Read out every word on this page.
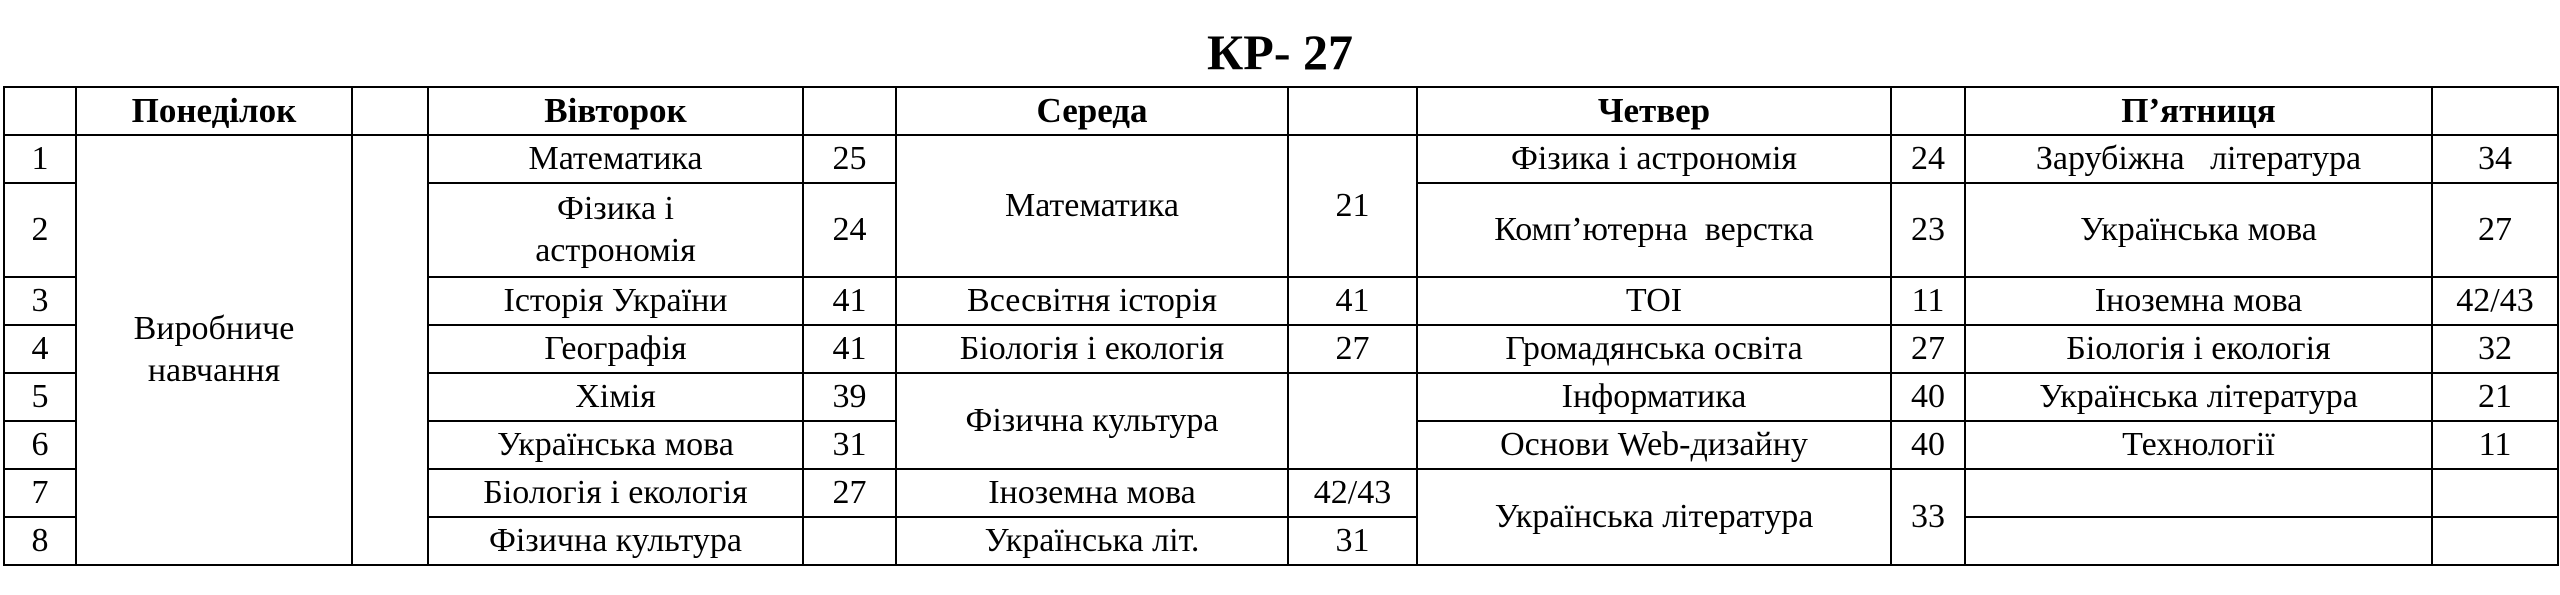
КР- 27
	Понеділок		Вівторок		Середа		Четвер		П’ятниця	
1	Виробниче навчання		Математика	25	Математика	21	Фізика і астрономія	24	Зарубіжна   література	34
2			Фізика і астрономія	24			Комп’ютерна  верстка	23	Українська мова	27
3			Історія України	41	Всесвітня історія	41	ТОІ	11	Іноземна мова	42/43
4			Географія	41	Біологія і екологія	27	Громадянська освіта	27	Біологія і екологія	32
5			Хімія	39	Фізична культура		Інформатика	40	Українська література	21
6			Українська мова	31			Основи Web-дизайну	40	Технології	11
7			Біологія і екологія	27	Іноземна мова	42/43	Українська література	33		
8			Фізична культура		Українська літ.	31				
